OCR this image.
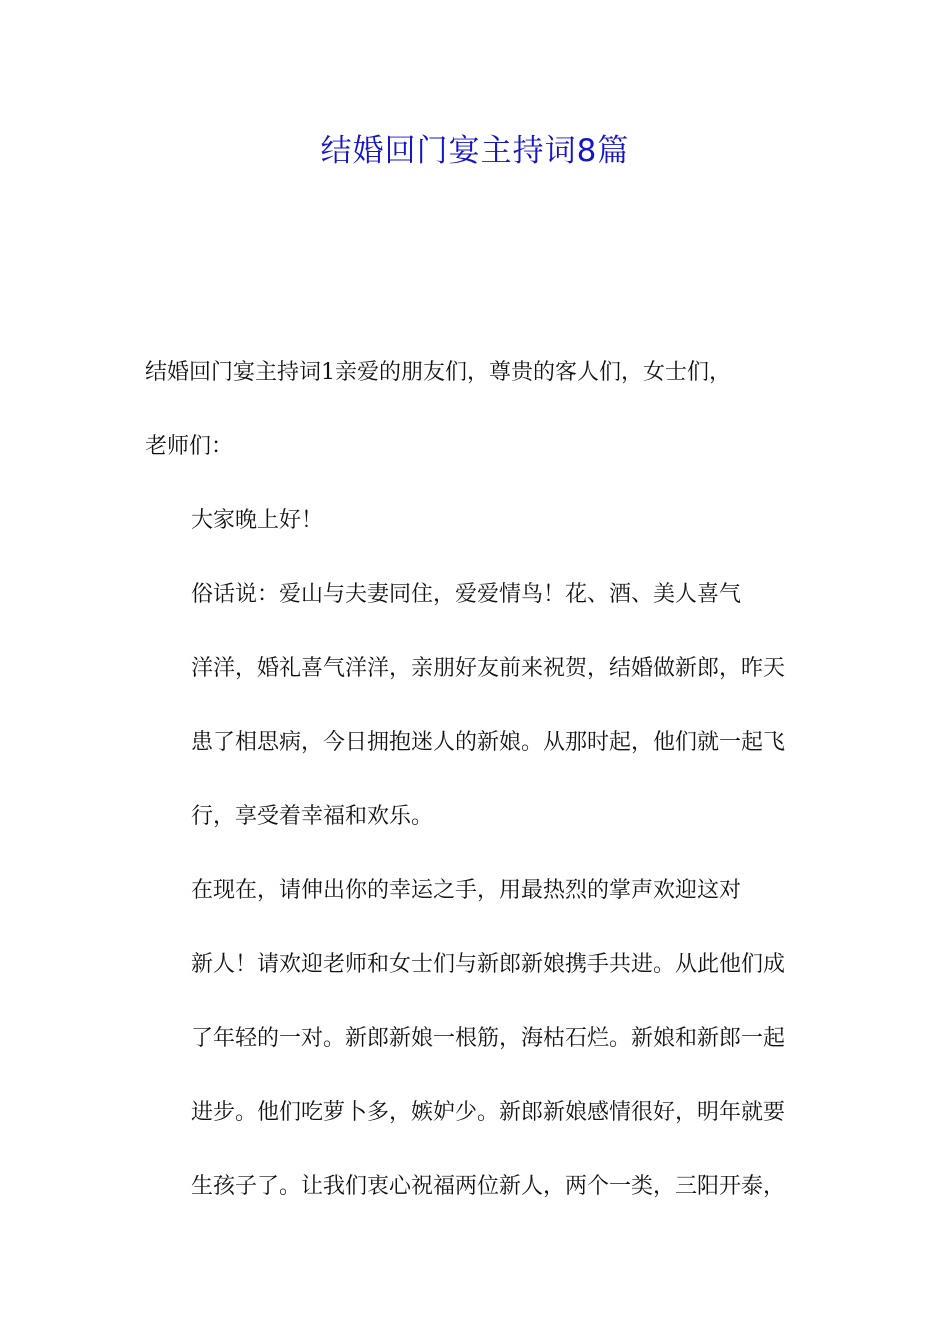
结婚回门宴主持词8篇

结婚回门宴主持词1亲爱的朋友们，尊贵的客人们，女士们，
老师们：

大家晚上好！

俗话说：爱山与夫妻同住，爱爱情鸟！花、酒、美人喜气
洋洋，婚礼喜气洋洋，亲朋好友前来祝贺，结婚做新郎，昨天
患了相思病，今日拥抱迷人的新娘。从那时起，他们就一起飞
行，享受着幸福和欢乐。

在现在，请伸出你的幸运之手，用最热烈的掌声欢迎这对
新人！请欢迎老师和女士们与新郎新娘携手共进。从此他们成
了年轻的一对。新郎新娘一根筋，海枯石烂。新娘和新郎一起
进步。他们吃萝卜多，嫉妒少。新郎新娘感情很好，明年就要
生孩子了。让我们衷心祝福两位新人，两个一类，三阳开泰，
